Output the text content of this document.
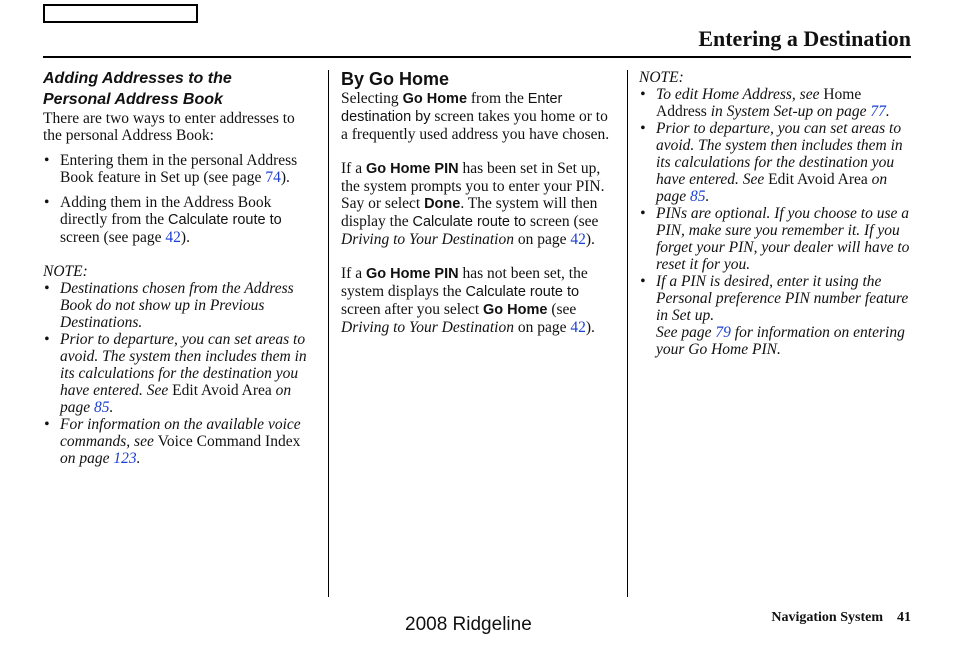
Entering a Destination
Adding Addresses to the
Personal Address Book

There are two ways to enter addresses to the personal Address Book:

• Entering them in the personal Address Book feature in Set up (see page 74).
• Adding them in the Address Book directly from the Calculate route to screen (see page 42).
NOTE:
• Destinations chosen from the Address Book do not show up in Previous Destinations.
• Prior to departure, you can set areas to avoid. The system then includes them in its calculations for the destination you have entered. See Edit Avoid Area on page 85.
• For information on the available voice commands, see Voice Command Index on page 123.
By Go Home

Selecting Go Home from the Enter destination by screen takes you home or to a frequently used address you have chosen.

If a Go Home PIN has been set in Set up, the system prompts you to enter your PIN. Say or select Done. The system will then display the Calculate route to screen (see Driving to Your Destination on page 42).

If a Go Home PIN has not been set, the system displays the Calculate route to screen after you select Go Home (see Driving to Your Destination on page 42).

NOTE:
• To edit Home Address, see Home Address in System Set-up on page 77.
• Prior to departure, you can set areas to avoid. The system then includes them in its calculations for the destination you have entered. See Edit Avoid Area on page 85.
• PINs are optional. If you choose to use a PIN, make sure you remember it. If you forget your PIN, your dealer will have to reset it for you.
• If a PIN is desired, enter it using the Personal preference PIN number feature in Set up.
See page 79 for information on entering your Go Home PIN.
2008 Ridgeline	Navigation System 41
